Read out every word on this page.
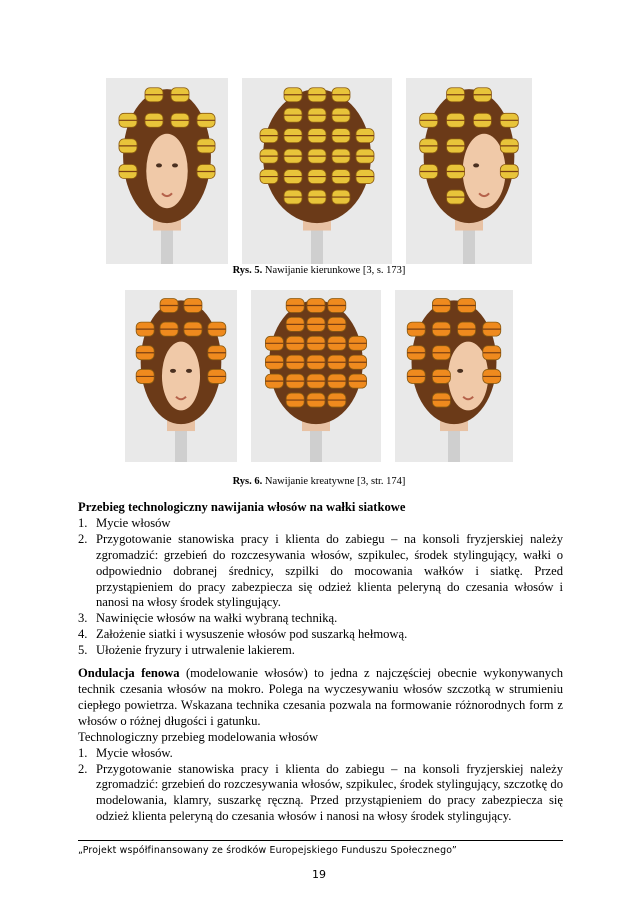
Rys. 5. Nawijanie kierunkowe [3, s. 173]
Rys. 6. Nawijanie kreatywne [3, str. 174]

Przebieg technologiczny nawijania włosów na wałki siatkowe

1. Mycie włosów
2. Przygotowanie stanowiska pracy i klienta do zabiegu – na konsoli fryzjerskiej należy zgromadzić: grzebień do rozczesywania włosów, szpikulec, środek stylingujący, wałki o odpowiednio dobranej średnicy, szpilki do mocowania wałków i siatkę. Przed przystąpieniem do pracy zabezpiecza się odzież klienta peleryną do czesania włosów i nanosi na włosy środek stylingujący.
3. Nawinięcie włosów na wałki wybraną techniką.
4. Założenie siatki i wysuszenie włosów pod suszarką hełmową.
5. Ułożenie fryzury i utrwalenie lakierem.

Ondulacja fenowa (modelowanie włosów) to jedna z najczęściej obecnie wykonywanych technik czesania włosów na mokro. Polega na wyczesywaniu włosów szczotką w strumieniu ciepłego powietrza. Wskazana technika czesania pozwala na formowanie różnorodnych form z włosów o różnej długości i gatunku.

Technologiczny przebieg modelowania włosów

1. Mycie włosów.
2. Przygotowanie stanowiska pracy i klienta do zabiegu – na konsoli fryzjerskiej należy zgromadzić: grzebień do rozczesywania włosów, szpikulec, środek stylingujący, szczotkę do modelowania, klamry, suszarkę ręczną. Przed przystąpieniem do pracy zabezpiecza się odzież klienta peleryną do czesania włosów i nanosi na włosy środek stylingujący.
„Projekt współfinansowany ze środków Europejskiego Funduszu Społecznego”
19
